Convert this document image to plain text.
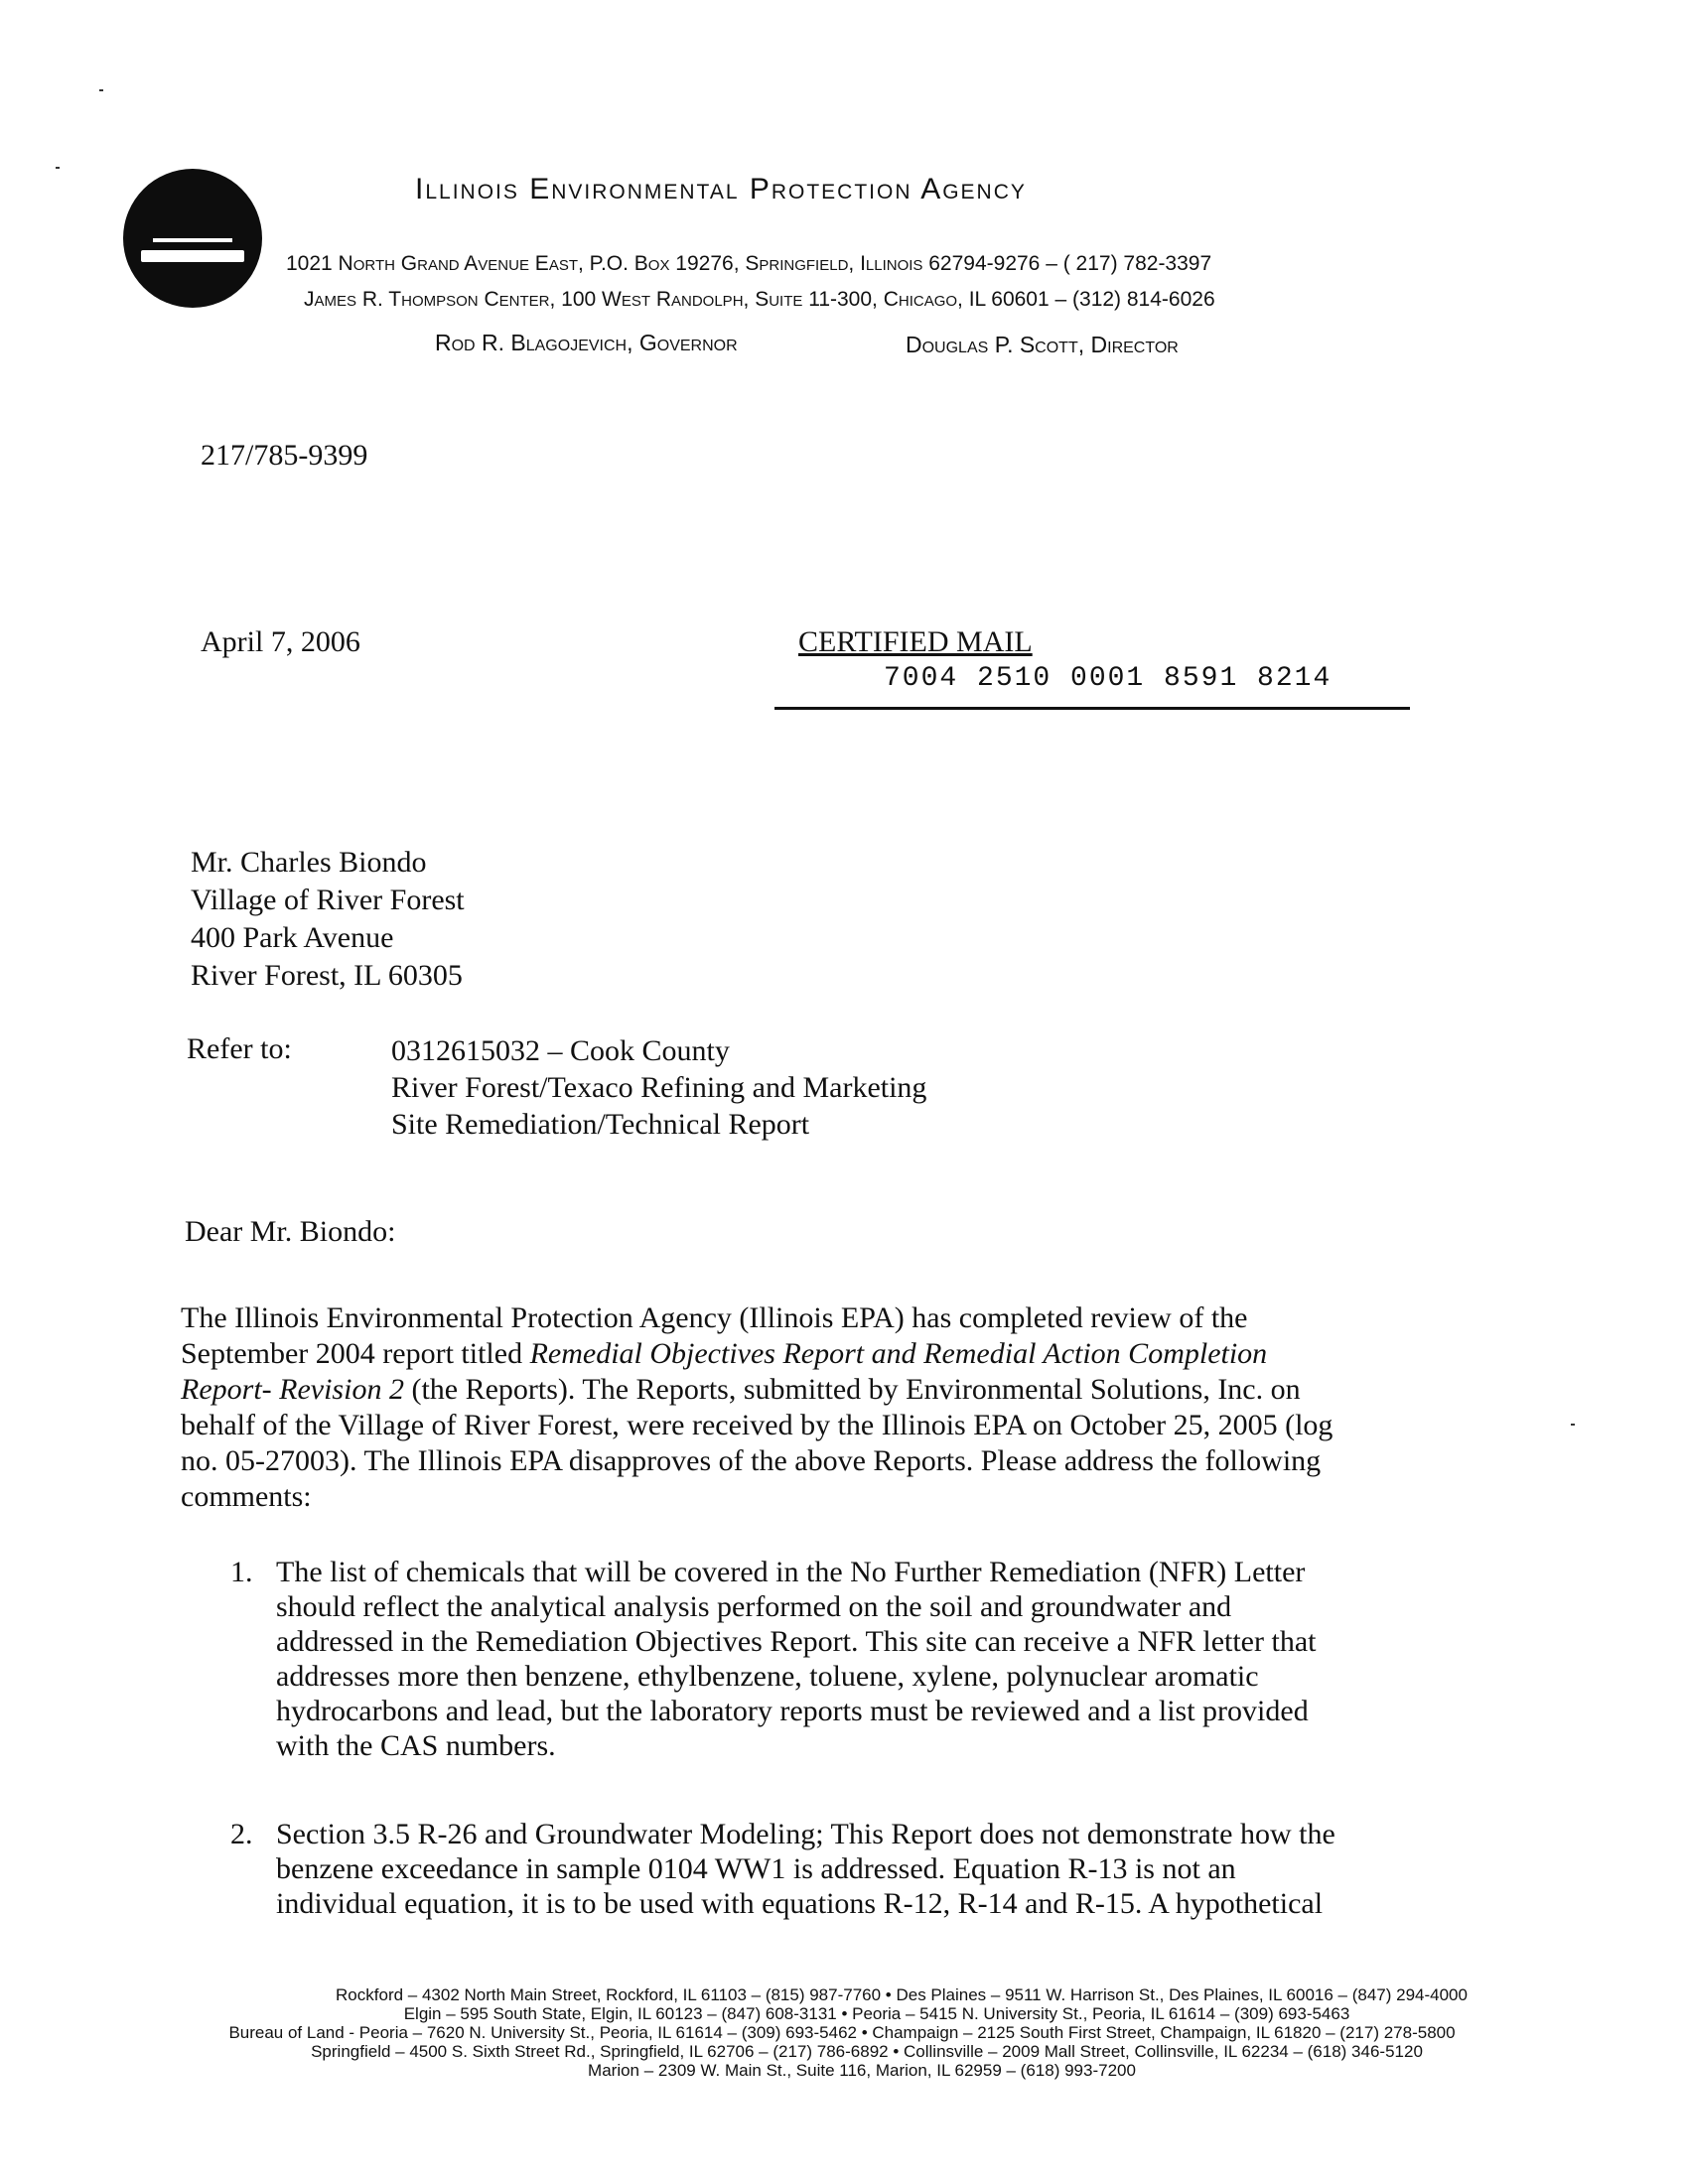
Illinois Environmental Protection Agency
1021 North Grand Avenue East, P.O. Box 19276, Springfield, Illinois 62794-9276 – ( 217) 782-3397
James R. Thompson Center, 100 West Randolph, Suite 11-300, Chicago, IL 60601 – (312) 814-6026
Rod R. Blagojevich, Governor	Douglas P. Scott, Director
217/785-9399
April 7, 2006	CERTIFIED MAIL
7004 2510 0001 8591 8214
Mr. Charles Biondo
Village of River Forest
400 Park Avenue
River Forest, IL 60305
Refer to:	0312615032 – Cook County
River Forest/Texaco Refining and Marketing
Site Remediation/Technical Report
Dear Mr. Biondo:
The Illinois Environmental Protection Agency (Illinois EPA) has completed review of the
September 2004 report titled Remedial Objectives Report and Remedial Action Completion
Report- Revision 2 (the Reports). The Reports, submitted by Environmental Solutions, Inc. on
behalf of the Village of River Forest, were received by the Illinois EPA on October 25, 2005 (log
no. 05-27003). The Illinois EPA disapproves of the above Reports. Please address the following
comments:
1. The list of chemicals that will be covered in the No Further Remediation (NFR) Letter
should reflect the analytical analysis performed on the soil and groundwater and
addressed in the Remediation Objectives Report. This site can receive a NFR letter that
addresses more then benzene, ethylbenzene, toluene, xylene, polynuclear aromatic
hydrocarbons and lead, but the laboratory reports must be reviewed and a list provided
with the CAS numbers.
2. Section 3.5 R-26 and Groundwater Modeling; This Report does not demonstrate how the
benzene exceedance in sample 0104 WW1 is addressed. Equation R-13 is not an
individual equation, it is to be used with equations R-12, R-14 and R-15. A hypothetical
Rockford – 4302 North Main Street, Rockford, IL 61103 – (815) 987-7760 • Des Plaines – 9511 W. Harrison St., Des Plaines, IL 60016 – (847) 294-4000
Elgin – 595 South State, Elgin, IL 60123 – (847) 608-3131 • Peoria – 5415 N. University St., Peoria, IL 61614 – (309) 693-5463
Bureau of Land - Peoria – 7620 N. University St., Peoria, IL 61614 – (309) 693-5462 • Champaign – 2125 South First Street, Champaign, IL 61820 – (217) 278-5800
Springfield – 4500 S. Sixth Street Rd., Springfield, IL 62706 – (217) 786-6892 • Collinsville – 2009 Mall Street, Collinsville, IL 62234 – (618) 346-5120
Marion – 2309 W. Main St., Suite 116, Marion, IL 62959 – (618) 993-7200
